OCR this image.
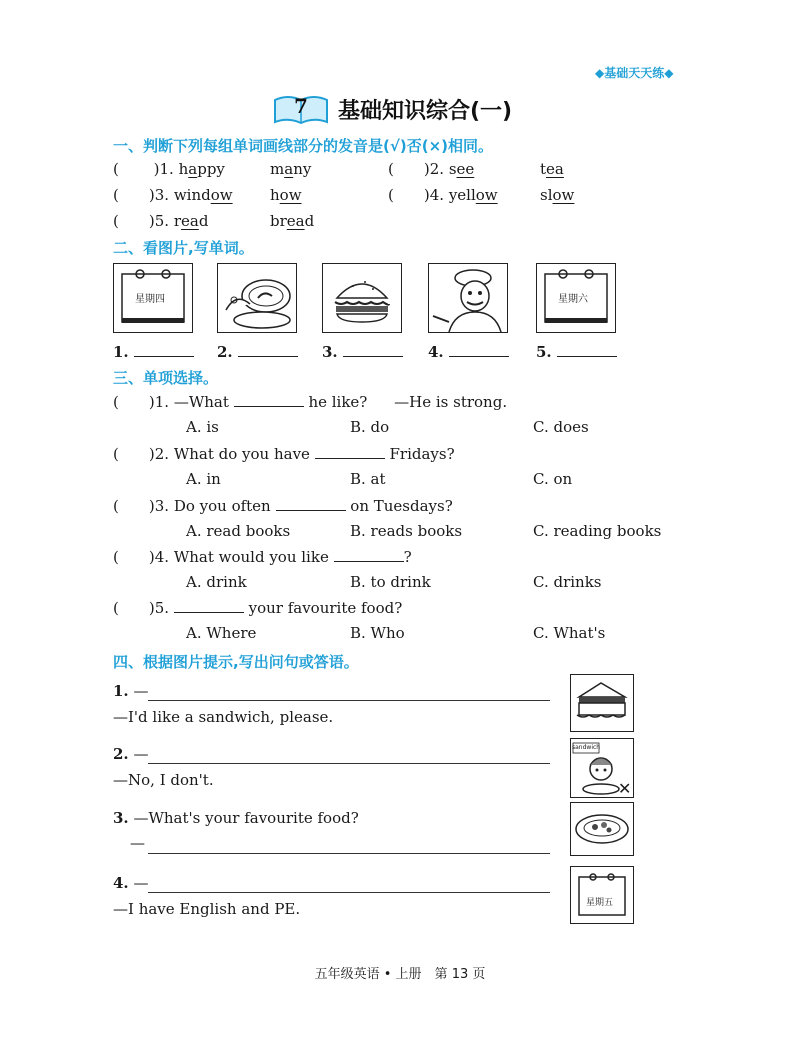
◆基础天天练◆
7 基础知识综合(一)
一、判断下列每组单词画线部分的发音是(√)否(×)相同。
( )1. happy	many	( )2. see	tea
( )3. window how	( )4. yellow	slow
( )5. read	bread
二、看图片,写单词。
星期四	星期六
1.	2.	3.	4.	5.
三、单项选择。
( )1. —What	he like? —He is strong.
A. is	B. do	C. does
( )2. What do you have	Fridays?
A. in	B. at	C. on
( )3. Do you often	on Tuesdays?
A. read books	B. reads books	C. reading books
( )4. What would you like	?
A. drink	B. to drink	C. drinks
( )5.	your favourite food?
A. Where	B. Who	C. What's
四、根据图片提示,写出问句或答语。
1. —
—I'd like a sandwich, please.
2. —
—No, I don't.
sandwich
✕
3. —What's your favourite food?
—
4. —
—I have English and PE.	星期五
五年级英语 • 上册　第 13 页
